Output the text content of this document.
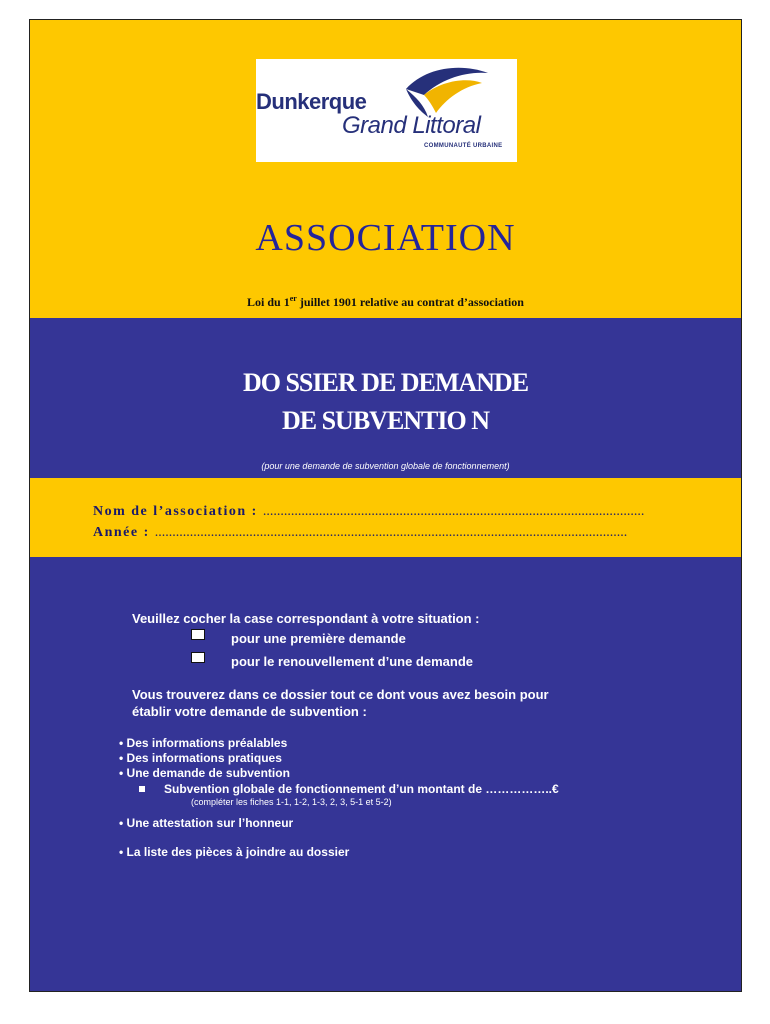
Dunkerque
Grand Littoral
COMMUNAUTÉ URBAINE
ASSOCIATION
Loi du 1er juillet 1901 relative au contrat d’association
DO SSIER DE DEMANDE
DE SUBVENTIO N
(pour une demande de subvention globale de fonctionnement)
Nom de l’association : .............................................................................................................
Année : .......................................................................................................................................
Veuillez cocher la case correspondant à votre situation :
pour une première demande
pour le renouvellement d’une demande
Vous trouverez dans ce dossier tout ce dont vous avez besoin pour
établir votre demande de subvention :
• Des informations préalables
• Des informations pratiques
• Une demande de subvention
Subvention globale de fonctionnement d’un montant de ……………..€
(compléter les fiches 1-1, 1-2, 1-3, 2, 3, 5-1 et 5-2)
• Une attestation sur l’honneur
• La liste des pièces à joindre au dossier
